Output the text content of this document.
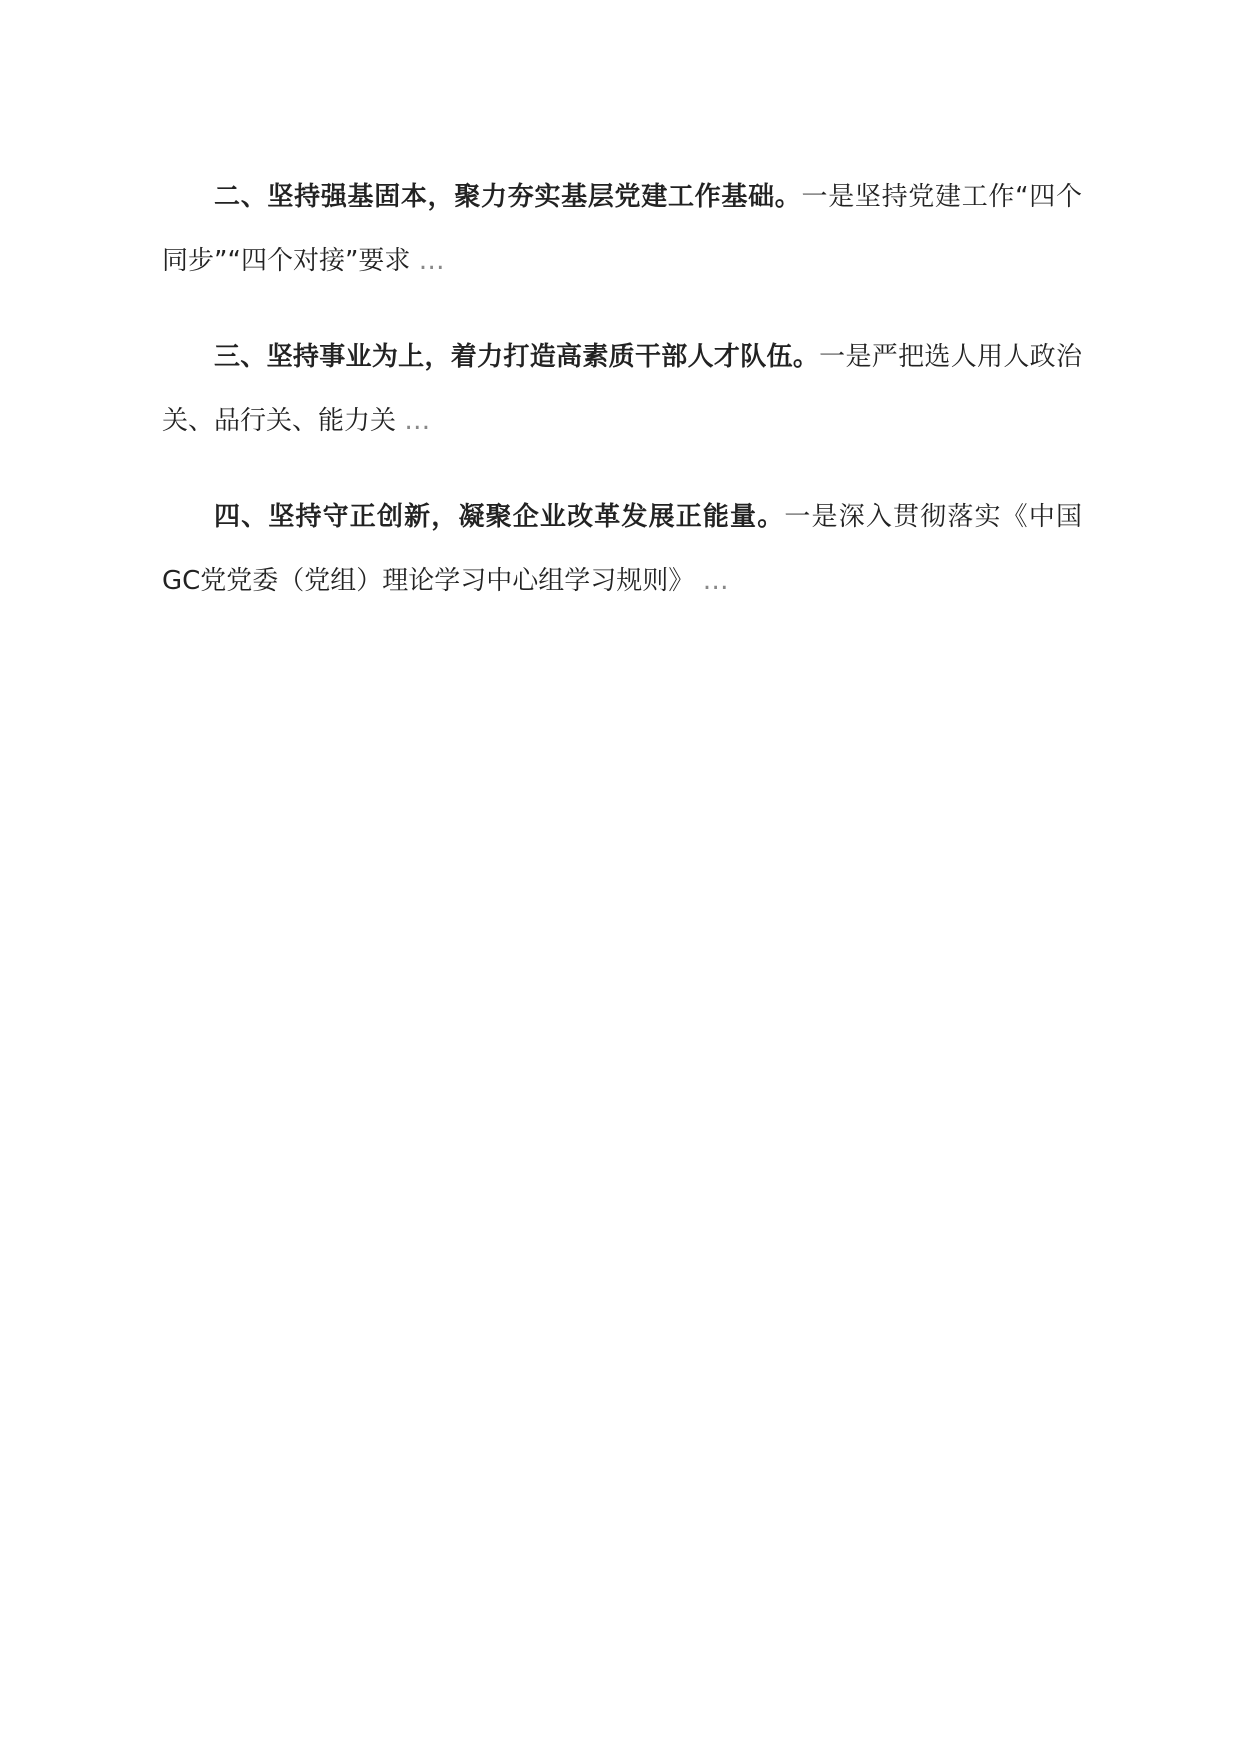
二、坚持强基固本，聚力夯实基层党建工作基础。一是坚持党建工作“四个同步”“四个对接”要求 …

三、坚持事业为上，着力打造高素质干部人才队伍。一是严把选人用人政治关、品行关、能力关 …

四、坚持守正创新，凝聚企业改革发展正能量。一是深入贯彻落实《中国GC党党委（党组）理论学习中心组学习规则》 …
